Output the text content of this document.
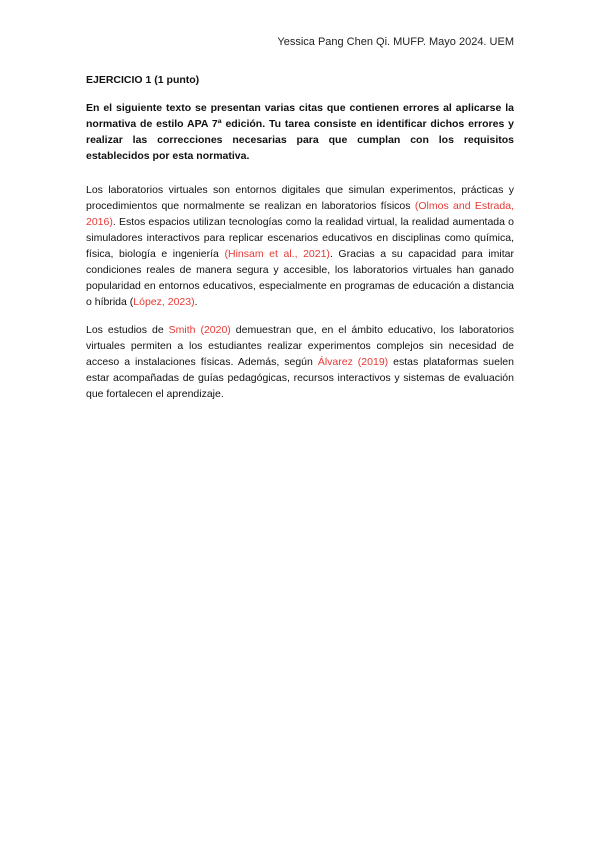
Yessica Pang Chen Qi. MUFP. Mayo 2024. UEM

EJERCICIO 1 (1 punto)

En el siguiente texto se presentan varias citas que contienen errores al aplicarse la normativa de estilo APA 7ª edición. Tu tarea consiste en identificar dichos errores y realizar las correcciones necesarias para que cumplan con los requisitos establecidos por esta normativa.

Los laboratorios virtuales son entornos digitales que simulan experimentos, prácticas y procedimientos que normalmente se realizan en laboratorios físicos (Olmos and Estrada, 2016). Estos espacios utilizan tecnologías como la realidad virtual, la realidad aumentada o simuladores interactivos para replicar escenarios educativos en disciplinas como química, física, biología e ingeniería (Hinsam et al., 2021). Gracias a su capacidad para imitar condiciones reales de manera segura y accesible, los laboratorios virtuales han ganado popularidad en entornos educativos, especialmente en programas de educación a distancia o híbrida (López, 2023).

Los estudios de Smith (2020) demuestran que, en el ámbito educativo, los laboratorios virtuales permiten a los estudiantes realizar experimentos complejos sin necesidad de acceso a instalaciones físicas. Además, según Álvarez (2019) estas plataformas suelen estar acompañadas de guías pedagógicas, recursos interactivos y sistemas de evaluación que fortalecen el aprendizaje.
